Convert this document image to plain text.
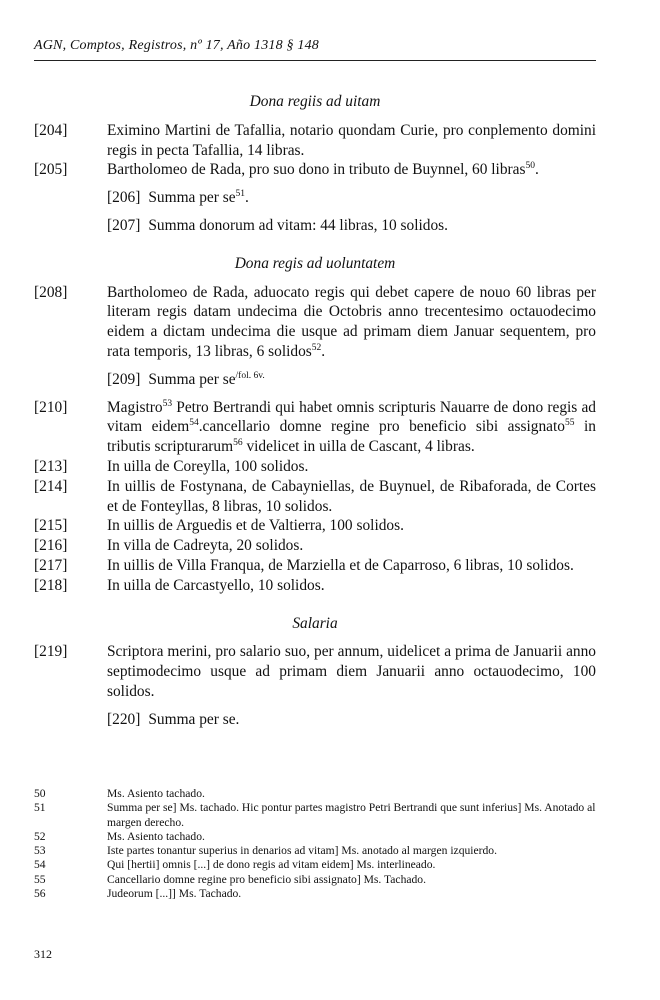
AGN, Comptos, Registros, nº 17, Año 1318 § 148
Dona regiis ad uitam
[204]	Eximino Martini de Tafallia, notario quondam Curie, pro conplemento domini regis in pecta Tafallia, 14 libras.
[205]	Bartholomeo de Rada, pro suo dono in tributo de Buynnel, 60 libras$^{50}$.
[206] Summa per $se^{51}$.
[207] Summa donorum ad vitam: 44 libras, 10 solidos.
Dona regis ad uoluntatem
[208]	Bartholomeo de Rada, aduocato regis qui debet capere de nouo 60 libras per literam regis datam undecima die Octobris anno trecentesimo octauodecimo eidem a dictam undecima die usque ad primam diem Januar sequentem, pro rata temporis, 13 libras, 6 solidos$^{52}$.
[209] Summa per $se^{/fol. 6v.}$
[210]	Magistro$^{53}$ Petro Bertrandi qui habet omnis scripturis Nauarre de dono regis ad vitam eidem$^{54}$.cancellario domne regine pro beneficio sibi assignato$^{55}$ in tributis scripturarum$^{56}$ videlicet in uilla de Cascant, 4 libras.
[213]	In uilla de Coreylla, 100 solidos.
[214]	In uillis de Fostynana, de Cabayniellas, de Buynuel, de Ribaforada, de Cortes et de Fonteyllas, 8 libras, 10 solidos.
[215]	In uillis de Arguedis et de Valtierra, 100 solidos.
[216]	In villa de Cadreyta, 20 solidos.
[217]	In uillis de Villa Franqua, de Marziella et de Caparroso, 6 libras, 10 solidos.
[218]	In uilla de Carcastyello, 10 solidos.
Salaria
[219]	Scriptora merini, pro salario suo, per annum, uidelicet a prima de Januarii anno septimodecimo usque ad primam diem Januarii anno octauodecimo, 100 solidos.
[220] Summa per se.
50	Ms. Asiento tachado.
51	Summa per se] Ms. tachado. Hic pontur partes magistro Petri Bertrandi que sunt inferius] Ms. Anotado al margen derecho.
52	Ms. Asiento tachado.
53	Iste partes tonantur superius in denarios ad vitam] Ms. anotado al margen izquierdo.
54	Qui [hertii] omnis [...] de dono regis ad vitam eidem] Ms. interlineado.
55	Cancellario domne regine pro beneficio sibi assignato] Ms. Tachado.
56	Judeorum [...]] Ms. Tachado.
312
